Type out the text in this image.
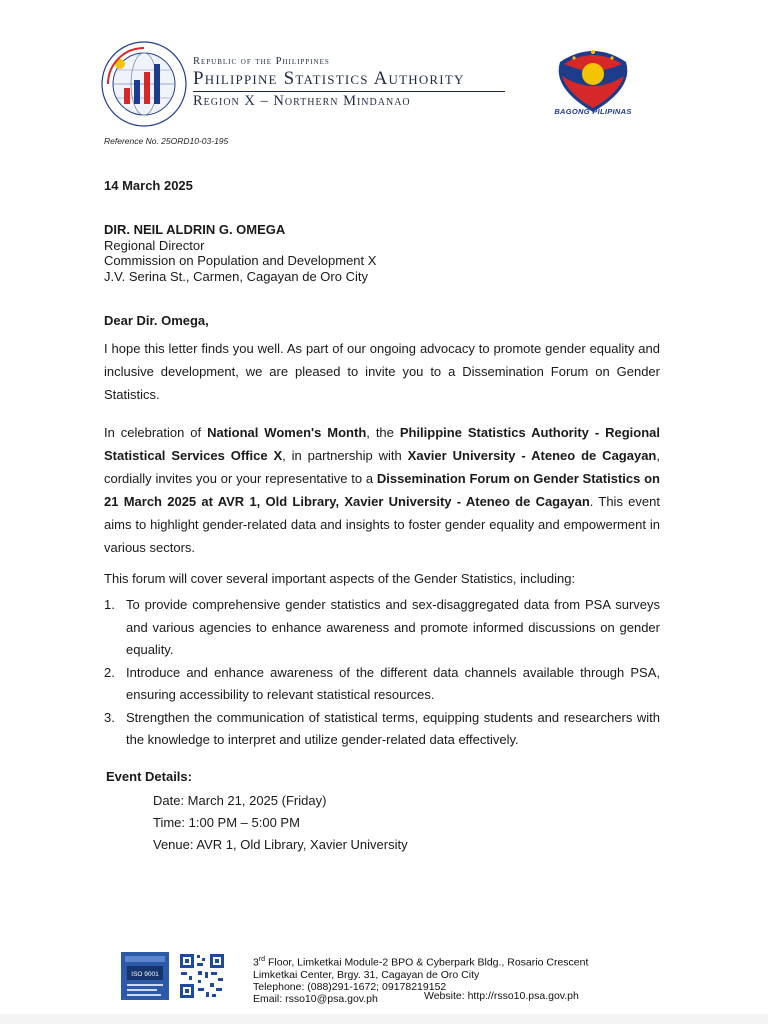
Republic of the Philippines
Philippine Statistics Authority
Region X – Northern Mindanao
BAGONG PILIPINAS
Reference No. 25ORD10-03-195
14 March 2025
DIR. NEIL ALDRIN G. OMEGA
Regional Director
Commission on Population and Development X
J.V. Serina St., Carmen, Cagayan de Oro City
Dear Dir. Omega,
I hope this letter finds you well. As part of our ongoing advocacy to promote gender equality and inclusive development, we are pleased to invite you to a Dissemination Forum on Gender Statistics.
In celebration of National Women's Month, the Philippine Statistics Authority - Regional Statistical Services Office X, in partnership with Xavier University - Ateneo de Cagayan, cordially invites you or your representative to a Dissemination Forum on Gender Statistics on 21 March 2025 at AVR 1, Old Library, Xavier University - Ateneo de Cagayan. This event aims to highlight gender-related data and insights to foster gender equality and empowerment in various sectors.
This forum will cover several important aspects of the Gender Statistics, including:
1. To provide comprehensive gender statistics and sex-disaggregated data from PSA surveys and various agencies to enhance awareness and promote informed discussions on gender equality.
2. Introduce and enhance awareness of the different data channels available through PSA, ensuring accessibility to relevant statistical resources.
3. Strengthen the communication of statistical terms, equipping students and researchers with the knowledge to interpret and utilize gender-related data effectively.
Event Details:
Date: March 21, 2025 (Friday)
Time: 1:00 PM – 5:00 PM
Venue: AVR 1, Old Library, Xavier University
ISO 9001
3rd Floor, Limketkai Module-2 BPO & Cyberpark Bldg., Rosario Crescent
Limketkai Center, Brgy. 31, Cagayan de Oro City
Telephone: (088)291-1672; 09178219152
Email: rsso10@psa.gov.ph	Website: http://rsso10.psa.gov.ph
